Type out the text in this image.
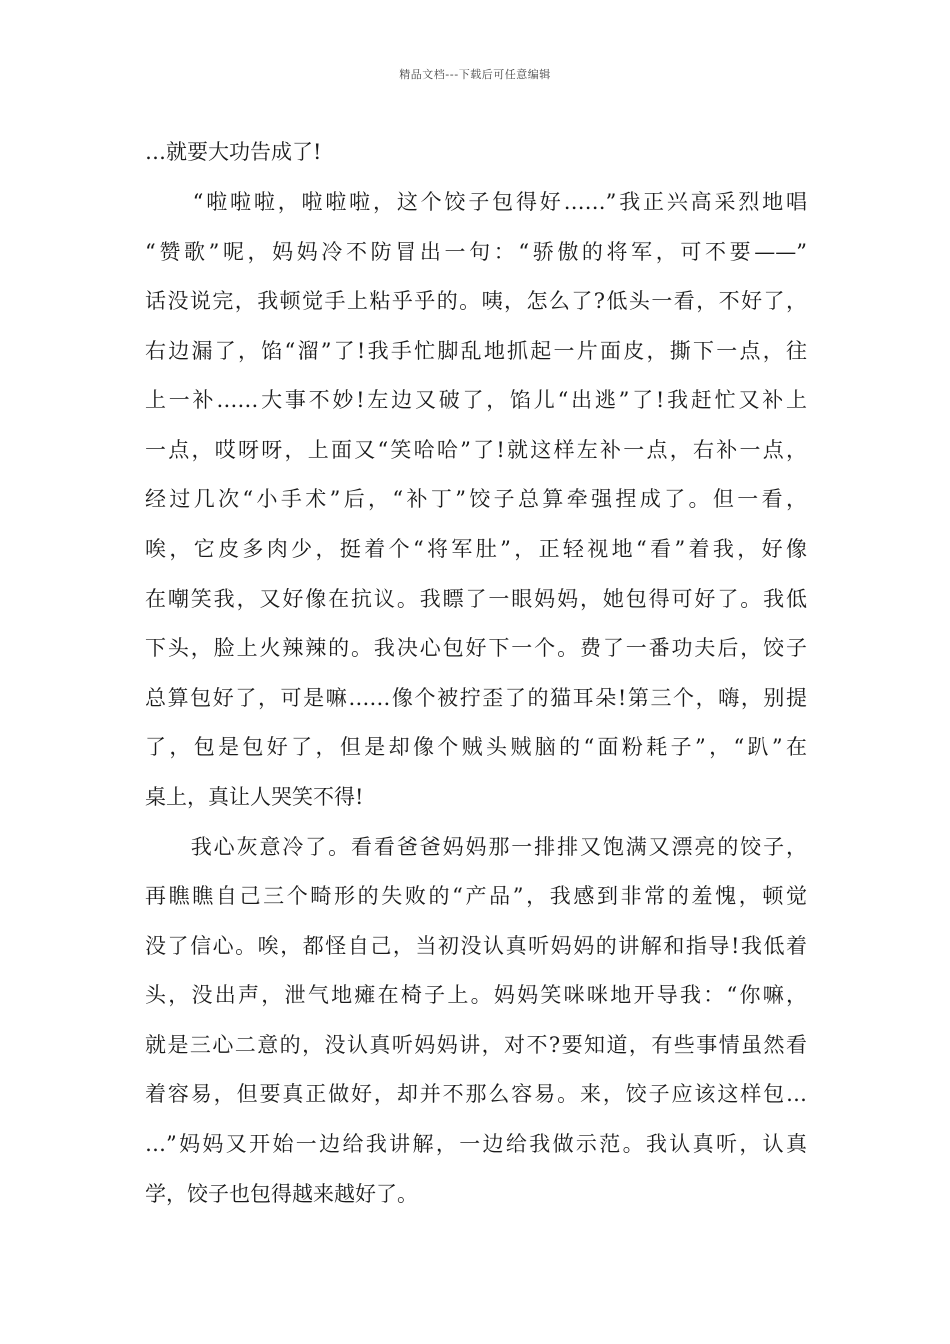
精品文档---下载后可任意编辑
…就要大功告成了!
　　“啦啦啦，啦啦啦，这个饺子包得好……”我正兴高采烈地唱
“赞歌”呢，妈妈冷不防冒出一句：“骄傲的将军，可不要——”
话没说完，我顿觉手上粘乎乎的。咦，怎么了?低头一看，不好了，
右边漏了，馅“溜”了!我手忙脚乱地抓起一片面皮，撕下一点，往
上一补……大事不妙!左边又破了，馅儿“出逃”了!我赶忙又补上
一点，哎呀呀，上面又“笑哈哈”了!就这样左补一点，右补一点，
经过几次“小手术”后，“补丁”饺子总算牵强捏成了。但一看，
唉，它皮多肉少，挺着个“将军肚”，正轻视地“看”着我，好像
在嘲笑我，又好像在抗议。我瞟了一眼妈妈，她包得可好了。我低
下头，脸上火辣辣的。我决心包好下一个。费了一番功夫后，饺子
总算包好了，可是嘛……像个被拧歪了的猫耳朵!第三个，嗨，别提
了，包是包好了，但是却像个贼头贼脑的“面粉耗子”，“趴”在
桌上，真让人哭笑不得!
　　我心灰意冷了。看看爸爸妈妈那一排排又饱满又漂亮的饺子，
再瞧瞧自己三个畸形的失败的“产品”，我感到非常的羞愧，顿觉
没了信心。唉，都怪自己，当初没认真听妈妈的讲解和指导!我低着
头，没出声，泄气地瘫在椅子上。妈妈笑咪咪地开导我：“你嘛，
就是三心二意的，没认真听妈妈讲，对不?要知道，有些事情虽然看
着容易，但要真正做好，却并不那么容易。来，饺子应该这样包…
…”妈妈又开始一边给我讲解，一边给我做示范。我认真听，认真
学，饺子也包得越来越好了。
